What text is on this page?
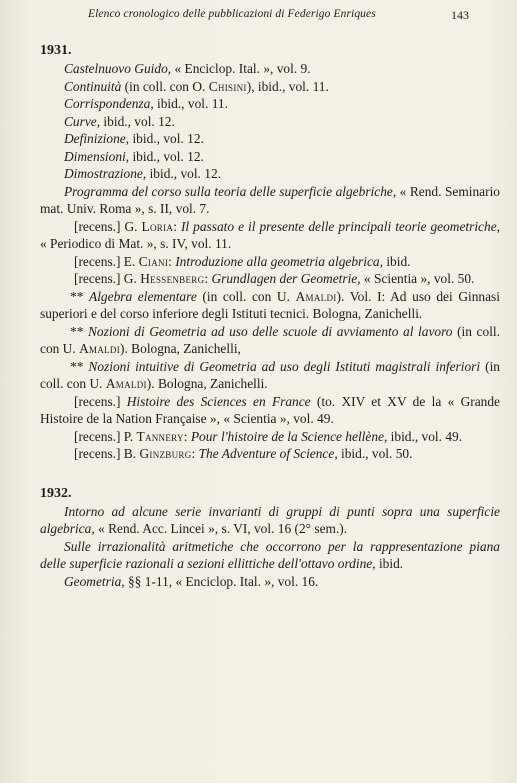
Elenco cronologico delle pubblicazioni di Federigo Enriques	143

1931.

Castelnuovo Guido, « Enciclop. Ital. », vol. 9.
Continuità (in coll. con O. Chisini), ibid., vol. 11.
Corrispondenza, ibid., vol. 11.
Curve, ibid., vol. 12.
Definizione, ibid., vol. 12.
Dimensioni, ibid., vol. 12.
Dimostrazione, ibid., vol. 12.
Programma del corso sulla teoria delle superficie algebriche, « Rend. Seminario mat. Univ. Roma », s. II, vol. 7.
[recens.] G. Loria: Il passato e il presente delle principali teorie geometriche, « Periodico di Mat. », s. IV, vol. 11.
[recens.] E. Ciani: Introduzione alla geometria algebrica, ibid.
[recens.] G. Hessenberg: Grundlagen der Geometrie, « Scientia », vol. 50.
** Algebra elementare (in coll. con U. Amaldi). Vol. I: Ad uso dei Ginnasi superiori e del corso inferiore degli Istituti tecnici. Bologna, Zanichelli.
** Nozioni di Geometria ad uso delle scuole di avviamento al lavoro (in coll. con U. Amaldi). Bologna, Zanichelli,
** Nozioni intuitive di Geometria ad uso degli Istituti magistrali inferiori (in coll. con U. Amaldi). Bologna, Zanichelli.
[recens.] Histoire des Sciences en France (to. XIV et XV de la « Grande Histoire de la Nation Française », « Scientia », vol. 49.
[recens.] P. Tannery: Pour l'histoire de la Science hellène, ibid., vol. 49.
[recens.] B. Ginzburg: The Adventure of Science, ibid., vol. 50.

1932.

Intorno ad alcune serie invarianti di gruppi di punti sopra una superficie algebrica, « Rend. Acc. Lincei », s. VI, vol. 16 (2° sem.).
Sulle irrazionalità aritmetiche che occorrono per la rappresentazione piana delle superficie razionali a sezioni ellittiche dell'ottavo ordine, ibid.
Geometria, §§ 1-11, « Enciclop. Ital. », vol. 16.
